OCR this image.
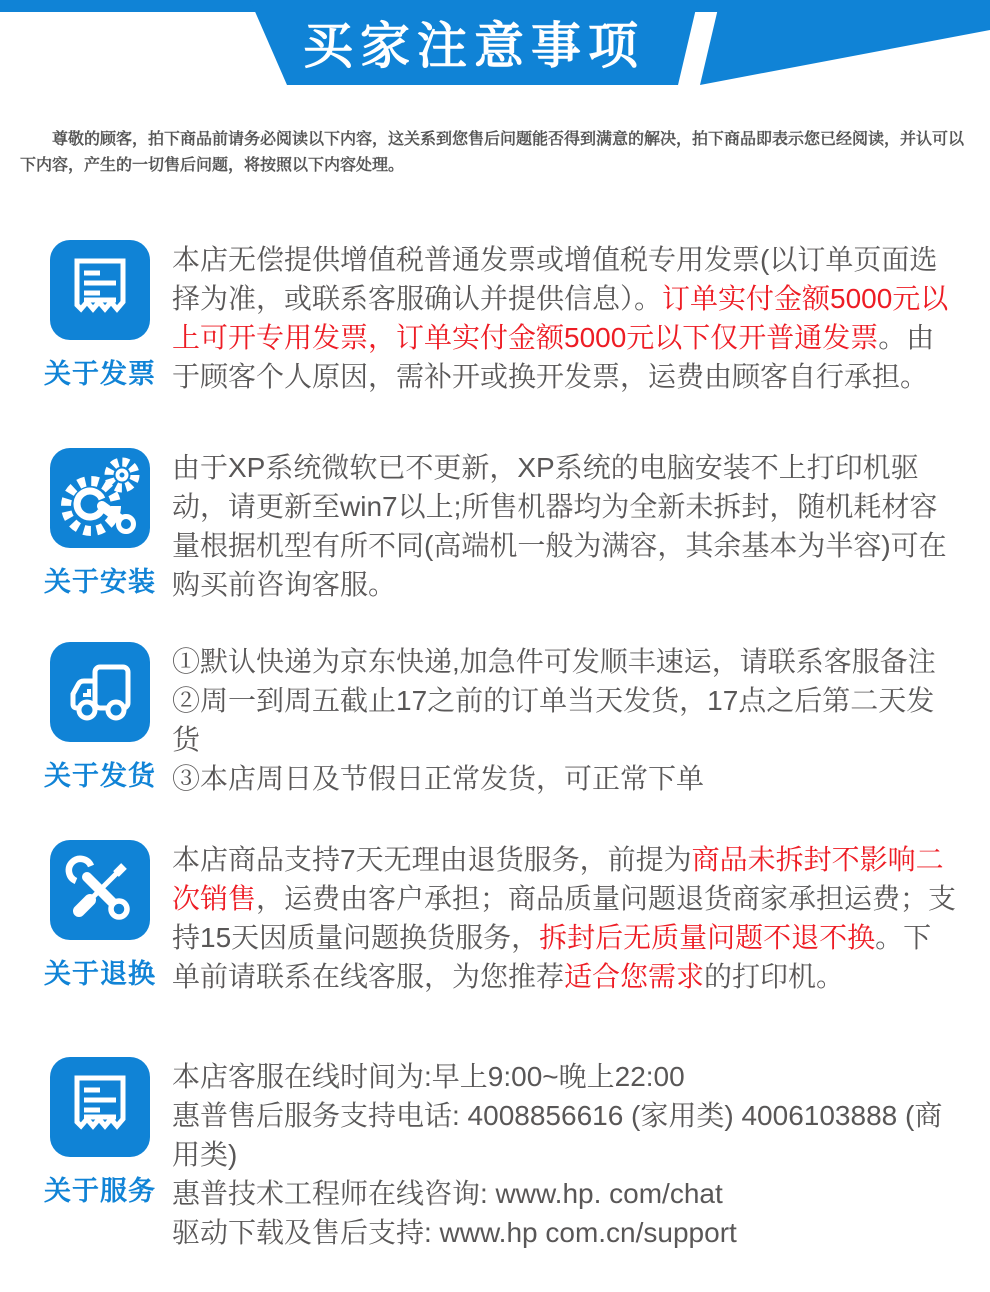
买家注意事项

尊敬的顾客，拍下商品前请务必阅读以下内容，这关系到您售后问题能否得到满意的解决，拍下商品即表示您已经阅读，并认可以下内容，产生的一切售后问题，将按照以下内容处理。

关于发票
本店无偿提供增值税普通发票或增值税专用发票(以订单页面选择为准，或联系客服确认并提供信息）。订单实付金额5000元以上可开专用发票，订单实付金额5000元以下仅开普通发票。由于顾客个人原因，需补开或换开发票，运费由顾客自行承担。
关于安装
由于XP系统微软已不更新，XP系统的电脑安装不上打印机驱动，请更新至win7以上;所售机器均为全新未拆封，随机耗材容量根据机型有所不同(高端机一般为满容，其余基本为半容)可在购买前咨询客服。
关于发货
①默认快递为京东快递,加急件可发顺丰速运，请联系客服备注
②周一到周五截止17之前的订单当天发货，17点之后第二天发货
③本店周日及节假日正常发货，可正常下单
关于退换
本店商品支持7天无理由退货服务，前提为商品未拆封不影响二次销售，运费由客户承担；商品质量问题退货商家承担运费；支持15天因质量问题换货服务，拆封后无质量问题不退不换。下单前请联系在线客服，为您推荐适合您需求的打印机。
关于服务
本店客服在线时间为:早上9:00~晚上22:00
惠普售后服务支持电话: 4008856616 (家用类) 4006103888 (商用类)
惠普技术工程师在线咨询: www.hp. com/chat
驱动下载及售后支持: www.hp com.cn/support
